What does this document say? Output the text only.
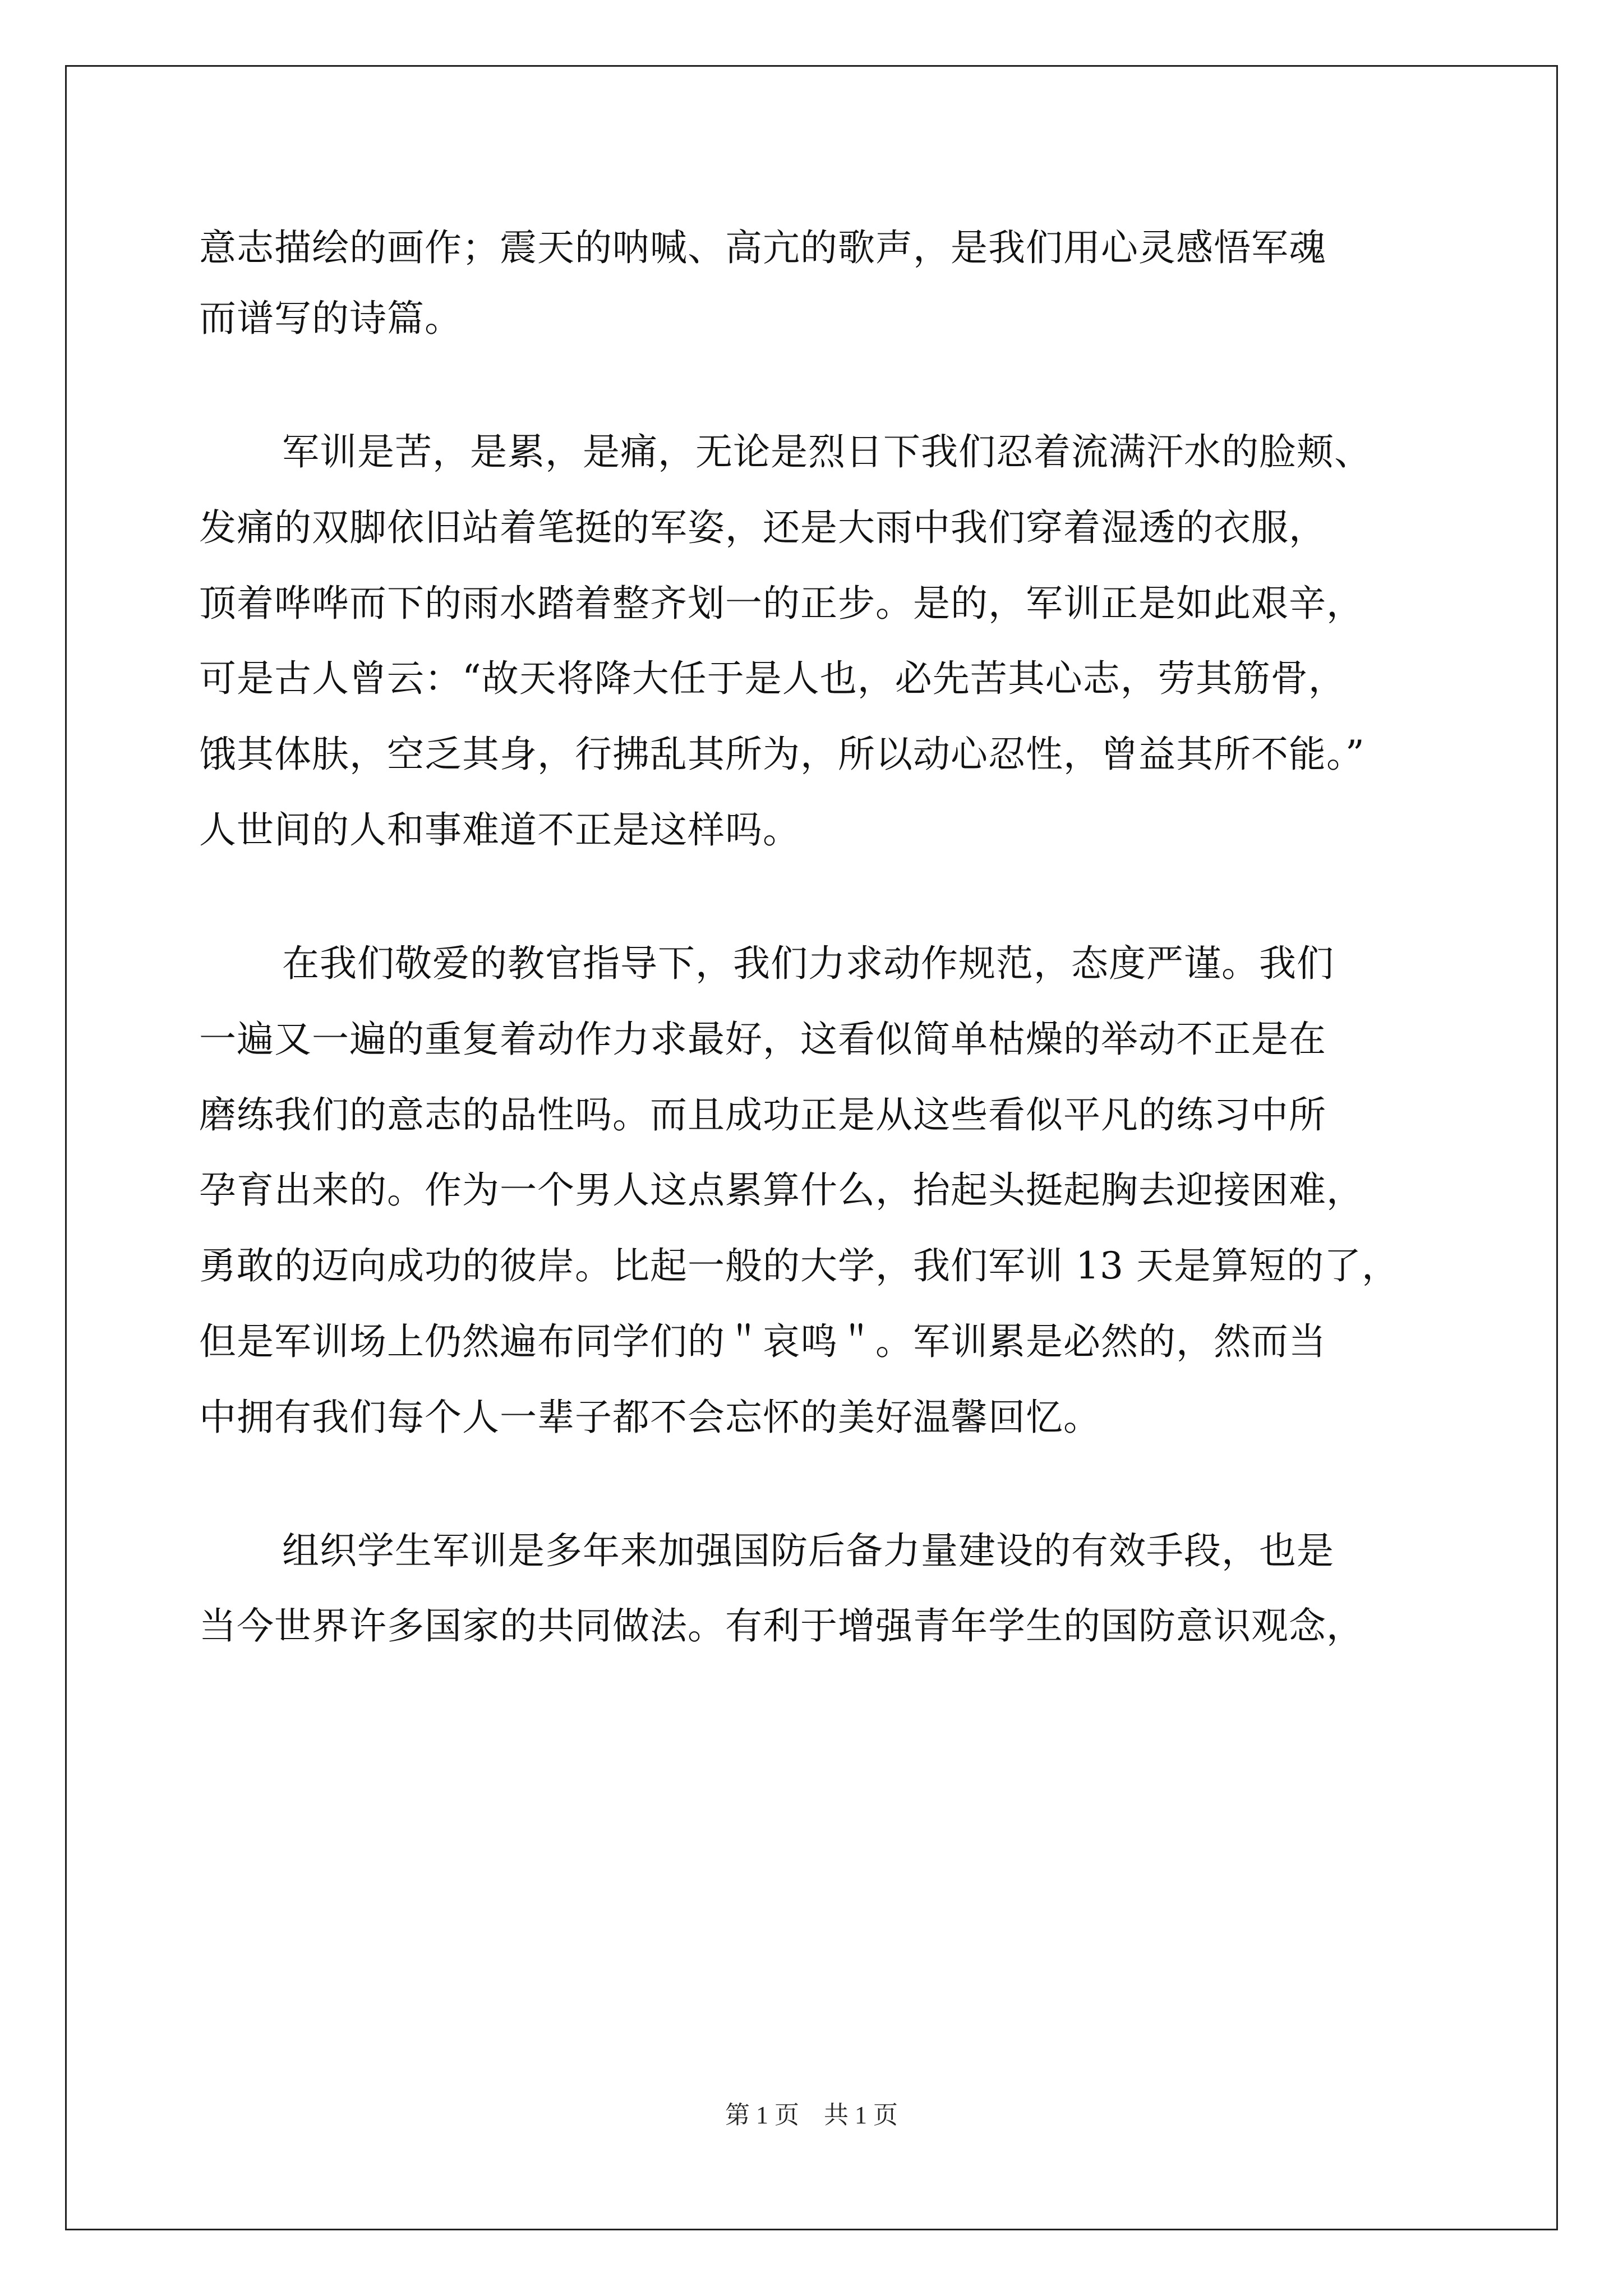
意志描绘的画作；震天的呐喊、高亢的歌声，是我们用心灵感悟军魂
而谱写的诗篇。
军训是苦，是累，是痛，无论是烈日下我们忍着流满汗水的脸颊、
发痛的双脚依旧站着笔挺的军姿，还是大雨中我们穿着湿透的衣服，
顶着哗哗而下的雨水踏着整齐划一的正步。是的，军训正是如此艰辛，
可是古人曾云：“故天将降大任于是人也，必先苦其心志，劳其筋骨，
饿其体肤，空乏其身，行拂乱其所为，所以动心忍性，曾益其所不能。”
人世间的人和事难道不正是这样吗。
在我们敬爱的教官指导下，我们力求动作规范，态度严谨。我们
一遍又一遍的重复着动作力求最好，这看似简单枯燥的举动不正是在
磨练我们的意志的品性吗。而且成功正是从这些看似平凡的练习中所
孕育出来的。作为一个男人这点累算什么，抬起头挺起胸去迎接困难，
勇敢的迈向成功的彼岸。比起一般的大学，我们军训 13 天是算短的了，
但是军训场上仍然遍布同学们的＂哀鸣＂。军训累是必然的，然而当
中拥有我们每个人一辈子都不会忘怀的美好温馨回忆。
组织学生军训是多年来加强国防后备力量建设的有效手段，也是
当今世界许多国家的共同做法。有利于增强青年学生的国防意识观念，
第 1 页　共 1 页
